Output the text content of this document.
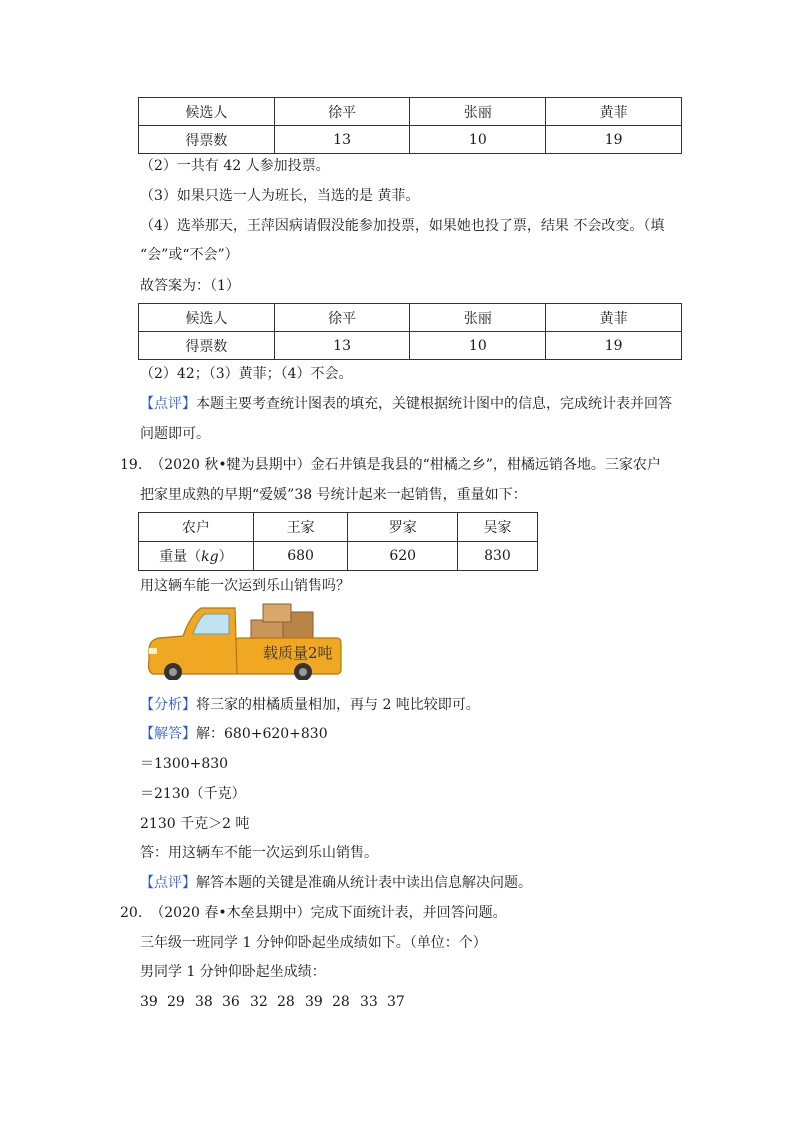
候选人	徐平	张丽	黄菲
得票数	13	10	19
（2）一共有 42 人参加投票。
（3）如果只选一人为班长，当选的是 黄菲。
（4）选举那天，王萍因病请假没能参加投票，如果她也投了票，结果 不会改变。（填
“会”或“不会”）
故答案为：（1）
候选人	徐平	张丽	黄菲
得票数	13	10	19
（2）42；（3）黄菲；（4）不会。
【点评】本题主要考查统计图表的填充，关键根据统计图中的信息，完成统计表并回答
问题即可。
19. （2020 秋•犍为县期中）金石井镇是我县的“柑橘之乡”，柑橘远销各地。三家农户
把家里成熟的早期“爱媛”38 号统计起来一起销售，重量如下：
农户	王家	罗家	吴家
重量（kg）	680	620	830
用这辆车能一次运到乐山销售吗？
载质量2吨
【分析】将三家的柑橘质量相加，再与 2 吨比较即可。
【解答】解：680+620+830
＝1300+830
＝2130（千克）
2130 千克＞2 吨
答：用这辆车不能一次运到乐山销售。
【点评】解答本题的关键是准确从统计表中读出信息解决问题。
20. （2020 春•木垒县期中）完成下面统计表，并回答问题。
三年级一班同学 1 分钟仰卧起坐成绩如下。（单位：个）
男同学 1 分钟仰卧起坐成绩：
39 29 38 36 32 28 39 28 33 37
